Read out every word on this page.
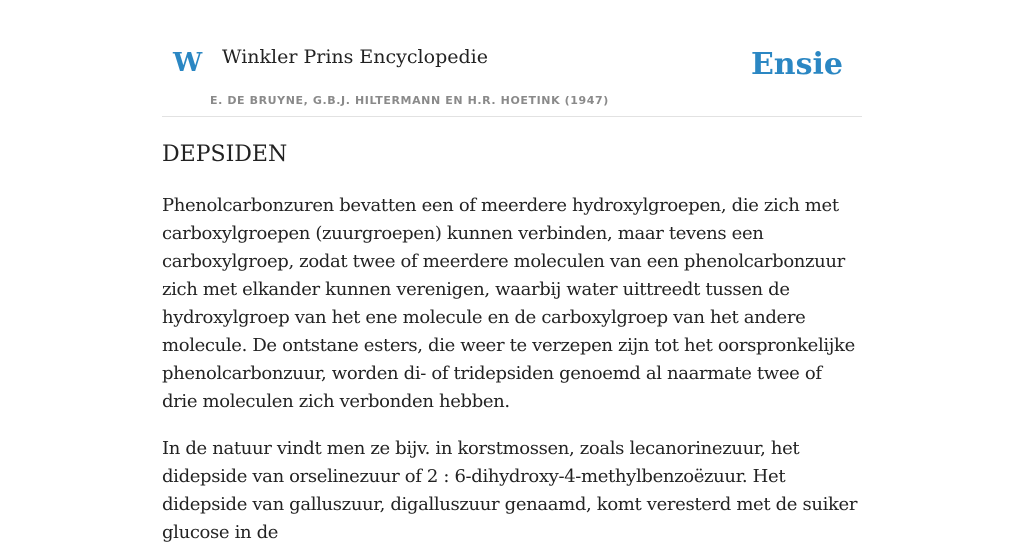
W Winkler Prins Encyclopedie
E. DE BRUYNE, G.B.J. HILTERMANN EN H.R. HOETINK (1947)
Ensie
DEPSIDEN

Phenolcarbonzuren bevatten een of meerdere hydroxylgroepen, die zich met carboxylgroepen (zuurgroepen) kunnen verbinden, maar tevens een carboxylgroep, zodat twee of meerdere moleculen van een phenolcarbonzuur zich met elkander kunnen verenigen, waarbij water uittreedt tussen de hydroxylgroep van het ene molecule en de carboxylgroep van het andere molecule. De ontstane esters, die weer te verzepen zijn tot het oorspronkelijke phenolcarbonzuur, worden di- of tridepsiden genoemd al naarmate twee of drie moleculen zich verbonden hebben.

In de natuur vindt men ze bijv. in korstmossen, zoals lecanorinezuur, het didepside van orselinezuur of 2 : 6-dihydroxy-4-methylbenzoëzuur. Het didepside van galluszuur, digalluszuur genaamd, komt veresterd met de suiker glucose in de
